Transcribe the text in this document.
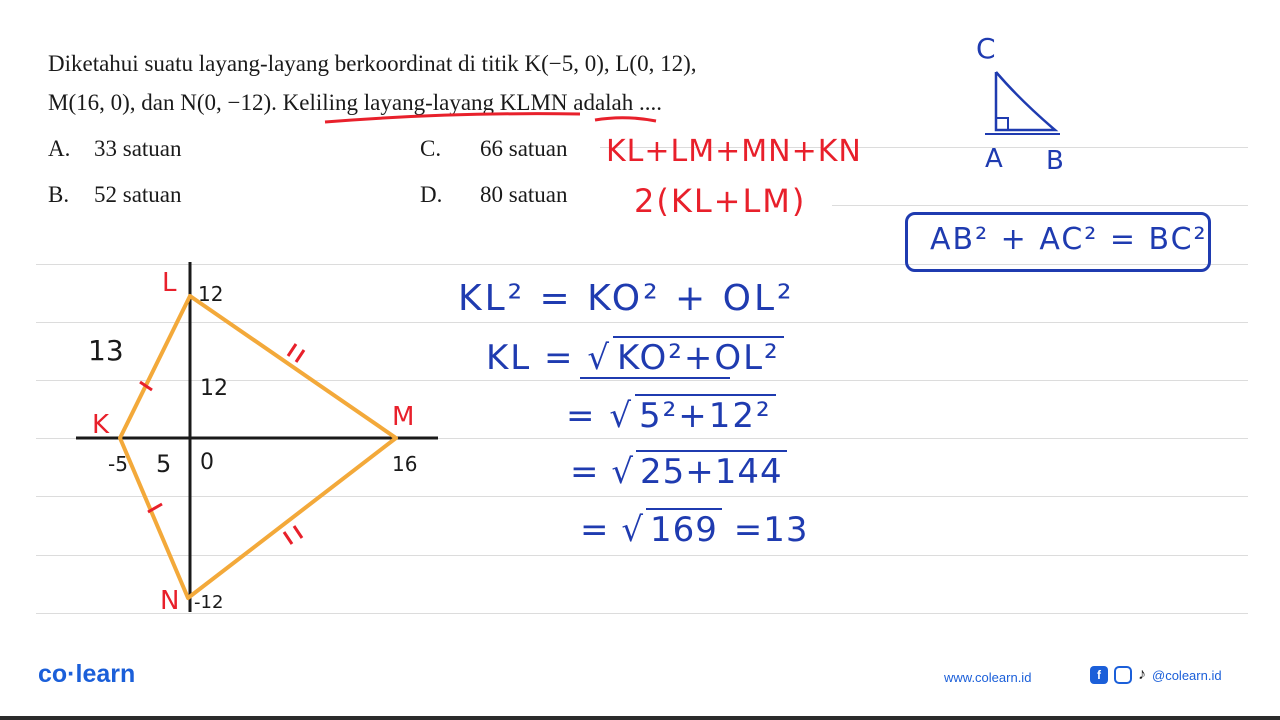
Diketahui suatu layang-layang berkoordinat di titik K(−5, 0), L(0, 12),
M(16, 0), dan N(0, −12). Keliling layang-layang KLMN adalah ....
A. 33 satuan	C. 66 satuan
B. 52 satuan	D. 80 satuan
KL+LM+MN+KN
2(KL+LM)
C
A B
AB² + AC² = BC²
KL² = KO² + OL²
KL = √ KO²+OL²
= √ 5²+12²
= √ 25+144
= √ 169 =13
L
K	M
N
12
12
13
-5 5 0	16
-12
co·learn	www.colearn.id	f	♪ @colearn.id
